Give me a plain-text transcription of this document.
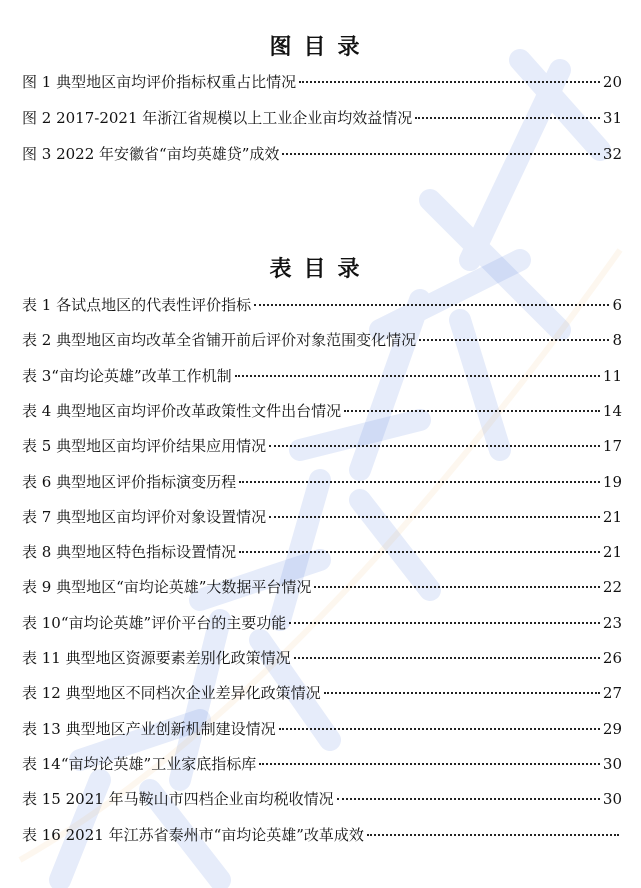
图目录
图 1 典型地区亩均评价指标权重占比情况	20
图 2 2017-2021 年浙江省规模以上工业企业亩均效益情况	31
图 3 2022 年安徽省“亩均英雄贷”成效	32
表目录
表 1 各试点地区的代表性评价指标	6
表 2 典型地区亩均改革全省铺开前后评价对象范围变化情况	8
表 3“亩均论英雄”改革工作机制	11
表 4 典型地区亩均评价改革政策性文件出台情况	14
表 5 典型地区亩均评价结果应用情况	17
表 6 典型地区评价指标演变历程	19
表 7 典型地区亩均评价对象设置情况	21
表 8 典型地区特色指标设置情况	21
表 9 典型地区“亩均论英雄”大数据平台情况	22
表 10“亩均论英雄”评价平台的主要功能	23
表 11 典型地区资源要素差别化政策情况	26
表 12 典型地区不同档次企业差异化政策情况	27
表 13 典型地区产业创新机制建设情况	29
表 14“亩均论英雄”工业家底指标库	30
表 15 2021 年马鞍山市四档企业亩均税收情况	30
表 16 2021 年江苏省泰州市“亩均论英雄”改革成效
